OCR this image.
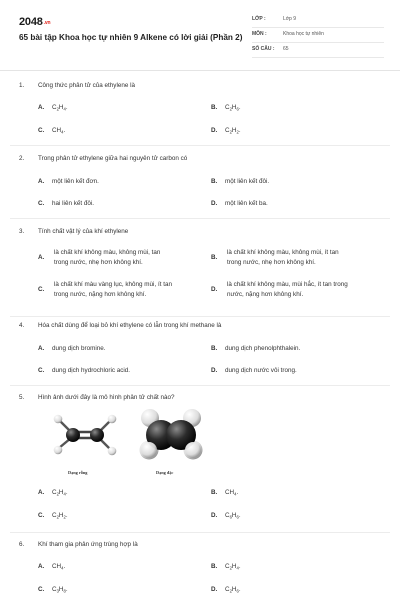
$2048^{.vn}$
65 bài tập Khoa học tự nhiên 9 Alkene có lời giải (Phần 2)
LỚP :	Lớp 9
MÔN :	Khoa học tự nhiên
SỐ CÂU : 65
1. Công thức phân tử của ethylene là
A. $C_2H_4$.	B. $C_2H_6$.
C. $CH_4$.	D. $C_2H_2$.
2. Trong phân tử ethylene giữa hai nguyên tử carbon có
A. một liên kết đơn.	B. một liên kết đôi.
C. hai liên kết đôi.	D. một liên kết ba.
3. Tính chất vật lý của khí ethylene
A.
là chất khí không màu, không mùi, tan
trong nước, nhẹ hơn không khí.
B.
là chất khí không màu, không mùi, ít tan
trong nước, nhẹ hơn không khí.
C.
là chất khí màu vàng lục, không mùi, ít tan
trong nước, nặng hơn không khí.
D.
là chất khí không màu, mùi hắc, ít tan trong
nước, nặng hơn không khí.
4. Hóa chất dùng để loại bỏ khí ethylene có lẫn trong khí methane là
A. dung dịch bromine.	B. dung dịch phenolphthalein.
C. dung dịch hydrochloric acid.	D. dung dịch nước vôi trong.
5. Hình ảnh dưới đây là mô hình phân tử chất nào?
Dạng rỗng	Dạng đặc
A. $C_2H_4$.	B. $CH_4$.
C. $C_2H_2$.	D. $C_6H_6$.
6. Khí tham gia phản ứng trùng hợp là
A. $CH_4$.	B. $C_2H_4$.
C. $C_3H_8$.	D. $C_2H_6$.
